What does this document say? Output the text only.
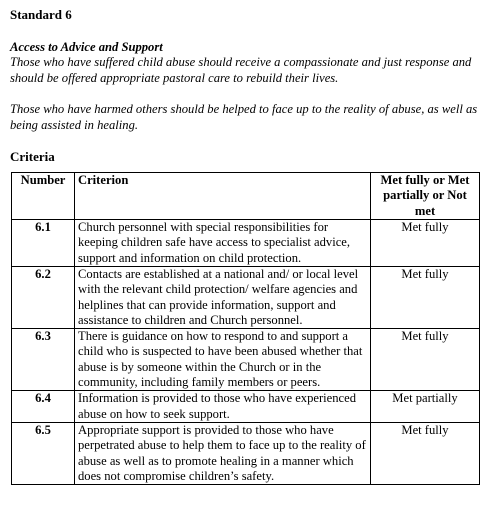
Standard 6

Access to Advice and Support

Those who have suffered child abuse should receive a compassionate and just response and should be offered appropriate pastoral care to rebuild their lives.

Those who have harmed others should be helped to face up to the reality of abuse, as well as being assisted in healing.

Criteria

Number	Criterion	Met fully or Met partially or Not met
6.1	Church personnel with special responsibilities for keeping children safe have access to specialist advice, support and information on child protection.	Met fully
6.2	Contacts are established at a national and/ or local level with the relevant child protection/ welfare agencies and helplines that can provide information, support and assistance to children and Church personnel.	Met fully
6.3	There is guidance on how to respond to and support a child who is suspected to have been abused whether that abuse is by someone within the Church or in the community, including family members or peers.	Met fully
6.4	Information is provided to those who have experienced abuse on how to seek support.	Met partially
6.5	Appropriate support is provided to those who have perpetrated abuse to help them to face up to the reality of abuse as well as to promote healing in a manner which does not compromise children’s safety.	Met fully
